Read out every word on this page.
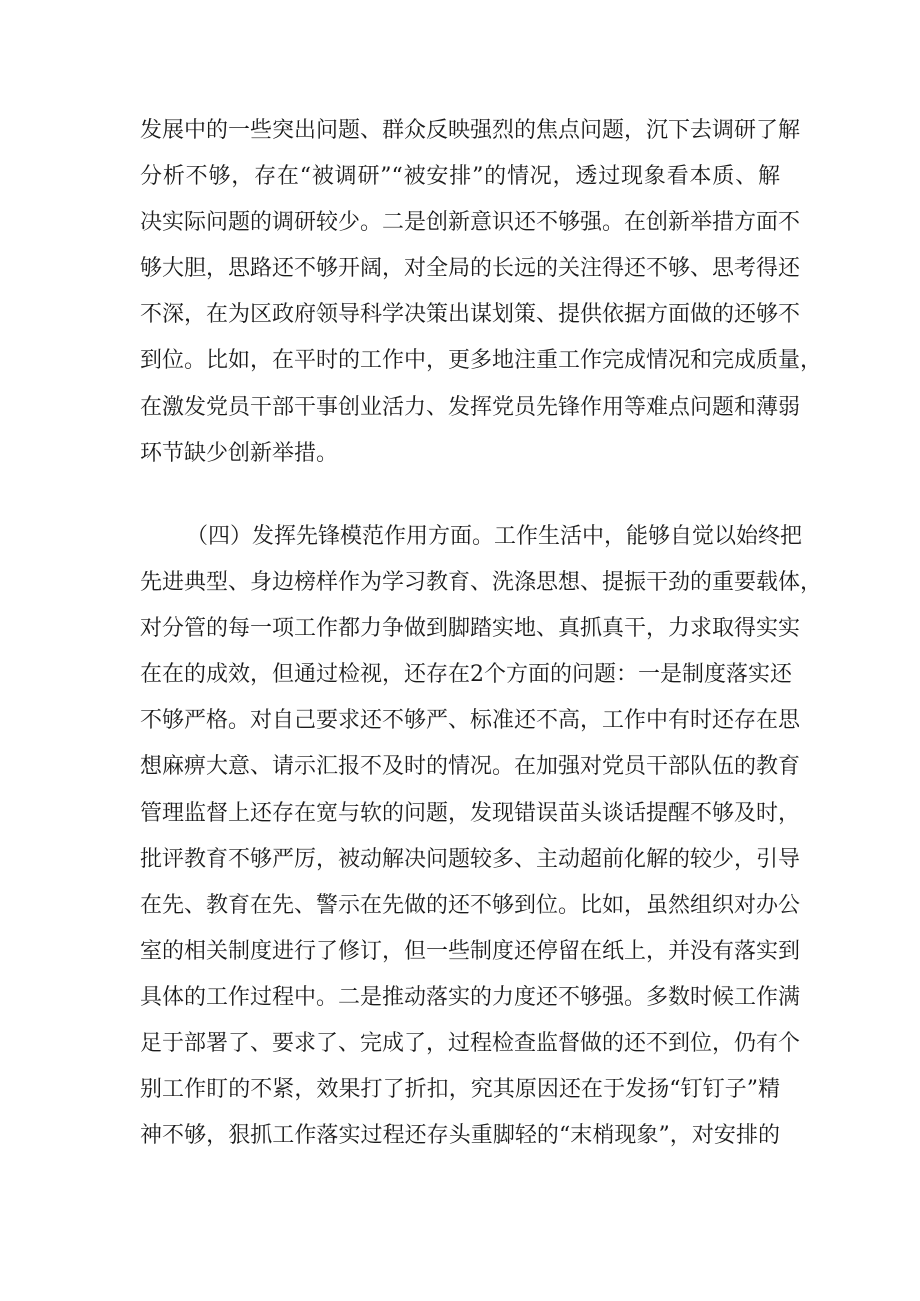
发展中的一些突出问题、群众反映强烈的焦点问题，沉下去调研了解
分析不够，存在“被调研”“被安排”的情况，透过现象看本质、解
决实际问题的调研较少。二是创新意识还不够强。在创新举措方面不
够大胆，思路还不够开阔，对全局的长远的关注得还不够、思考得还
不深，在为区政府领导科学决策出谋划策、提供依据方面做的还够不
到位。比如，在平时的工作中，更多地注重工作完成情况和完成质量，
在激发党员干部干事创业活力、发挥党员先锋作用等难点问题和薄弱
环节缺少创新举措。
（四）发挥先锋模范作用方面。工作生活中，能够自觉以始终把
先进典型、身边榜样作为学习教育、洗涤思想、提振干劲的重要载体，
对分管的每一项工作都力争做到脚踏实地、真抓真干，力求取得实实
在在的成效，但通过检视，还存在2个方面的问题：一是制度落实还
不够严格。对自己要求还不够严、标准还不高，工作中有时还存在思
想麻痹大意、请示汇报不及时的情况。在加强对党员干部队伍的教育
管理监督上还存在宽与软的问题，发现错误苗头谈话提醒不够及时，
批评教育不够严厉，被动解决问题较多、主动超前化解的较少，引导
在先、教育在先、警示在先做的还不够到位。比如，虽然组织对办公
室的相关制度进行了修订，但一些制度还停留在纸上，并没有落实到
具体的工作过程中。二是推动落实的力度还不够强。多数时候工作满
足于部署了、要求了、完成了，过程检查监督做的还不到位，仍有个
别工作盯的不紧，效果打了折扣，究其原因还在于发扬“钉钉子”精
神不够，狠抓工作落实过程还存头重脚轻的“末梢现象”，对安排的
